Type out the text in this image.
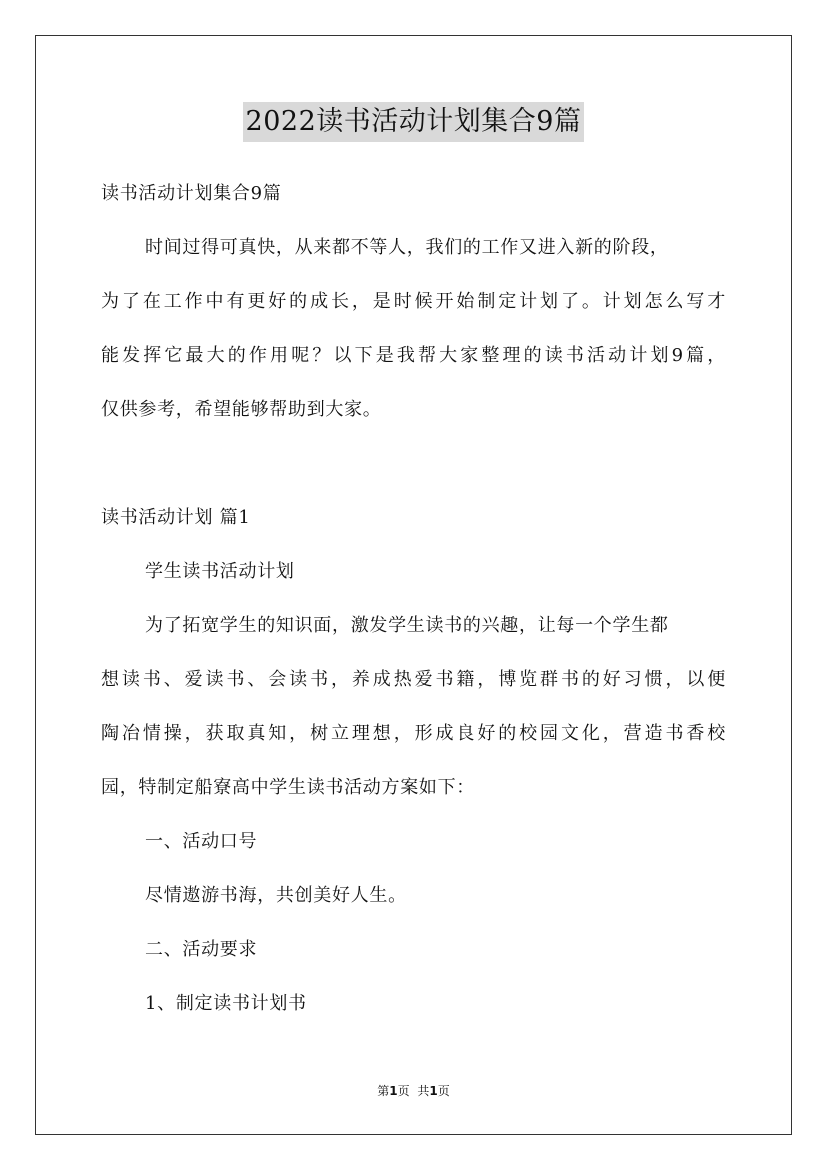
2022读书活动计划集合9篇

读书活动计划集合9篇

时间过得可真快，从来都不等人，我们的工作又进入新的阶段，

为了在工作中有更好的成长，是时候开始制定计划了。计划怎么写才

能发挥它最大的作用呢？以下是我帮大家整理的读书活动计划9篇，

仅供参考，希望能够帮助到大家。

读书活动计划 篇1

学生读书活动计划

为了拓宽学生的知识面，激发学生读书的兴趣，让每一个学生都

想读书、爱读书、会读书，养成热爱书籍，博览群书的好习惯，以便

陶冶情操，获取真知，树立理想，形成良好的校园文化，营造书香校

园，特制定船寮高中学生读书活动方案如下：

一、活动口号

尽情遨游书海，共创美好人生。

二、活动要求

1、制定读书计划书

第1页 共1页
